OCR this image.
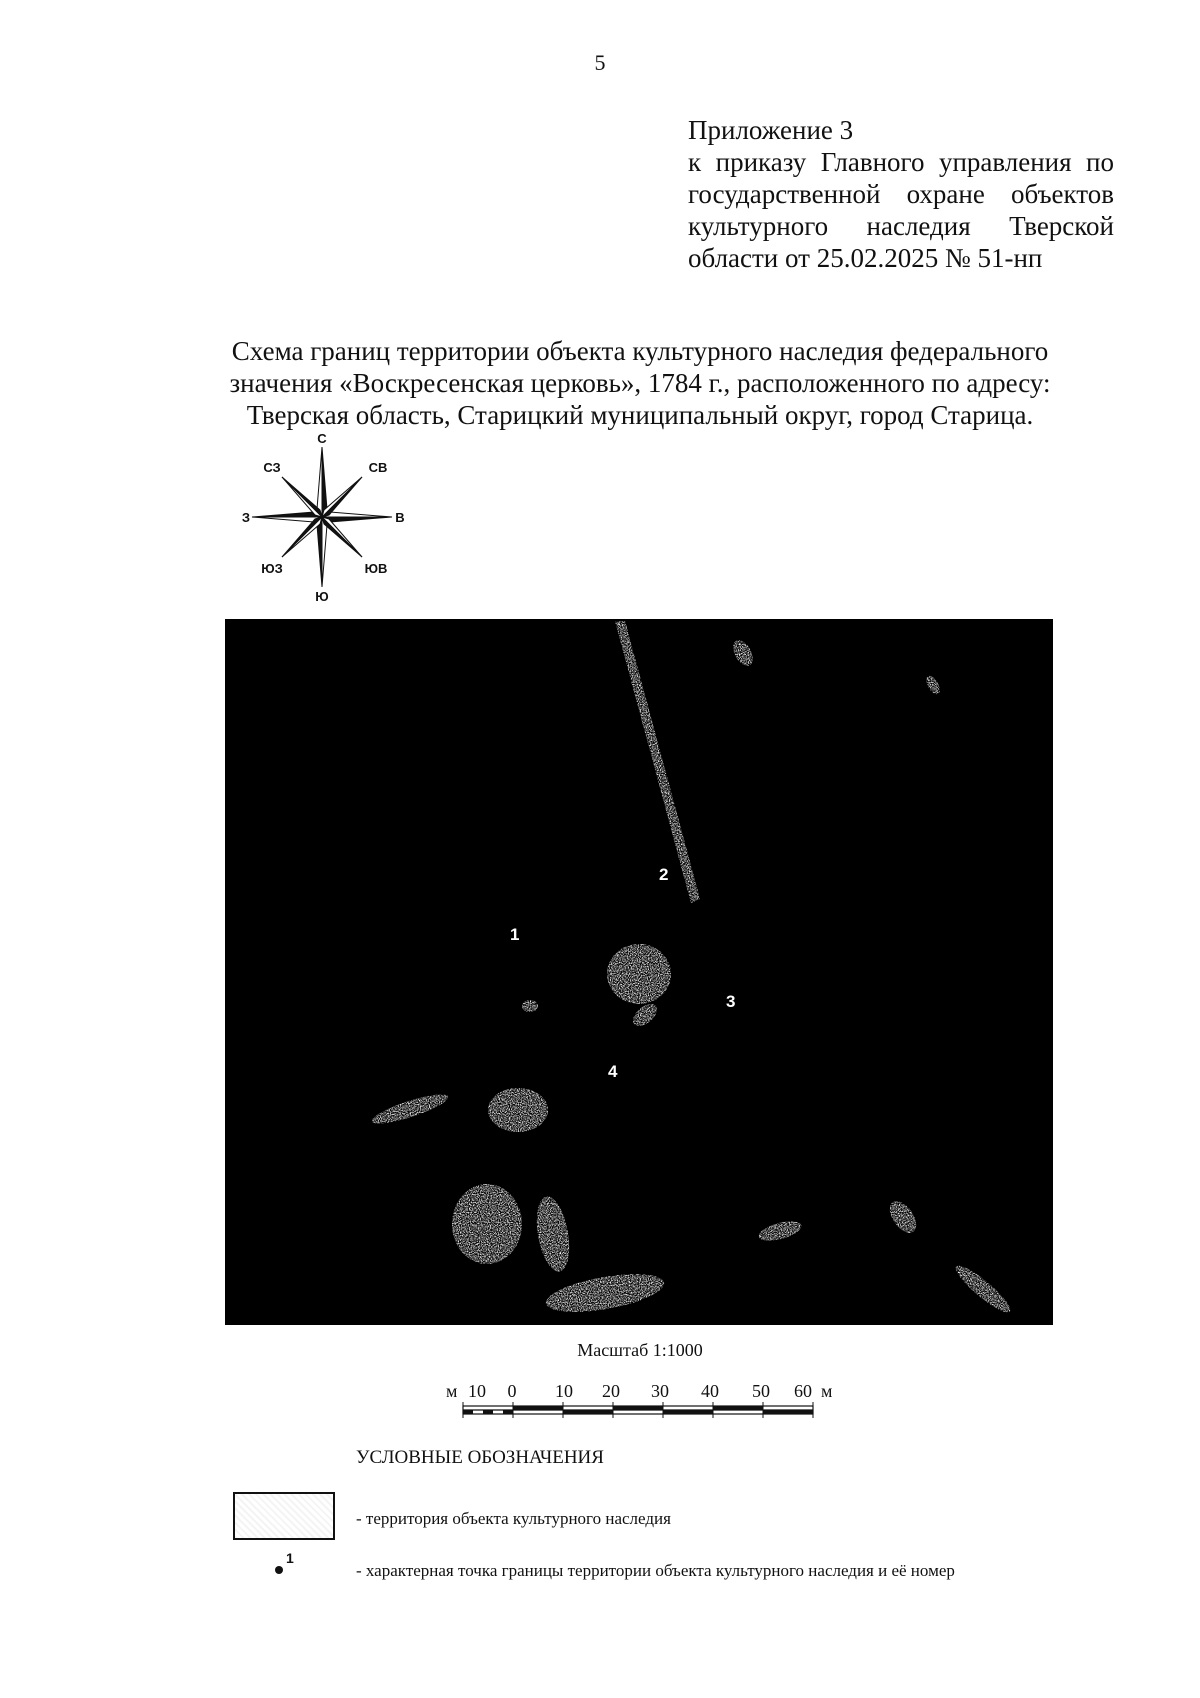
5
Приложение 3
к приказу Главного управления по
государственной охране объектов
культурного наследия Тверской
области от 25.02.2025 № 51-нп
Схема границ территории объекта культурного наследия федерального
значения «Воскресенская церковь», 1784 г., расположенного по адресу:
Тверская область, Старицкий муниципальный округ, город Старица.
С
СВ
В
ЮВ
Ю
ЮЗ
З
СЗ
1
2
3
4
Масштаб 1:1000
м 10 0 10 20 30 40 50 60 м
УСЛОВНЫЕ ОБОЗНАЧЕНИЯ
- территория объекта культурного наследия
1
- характерная точка границы территории объекта культурного наследия и её номер
